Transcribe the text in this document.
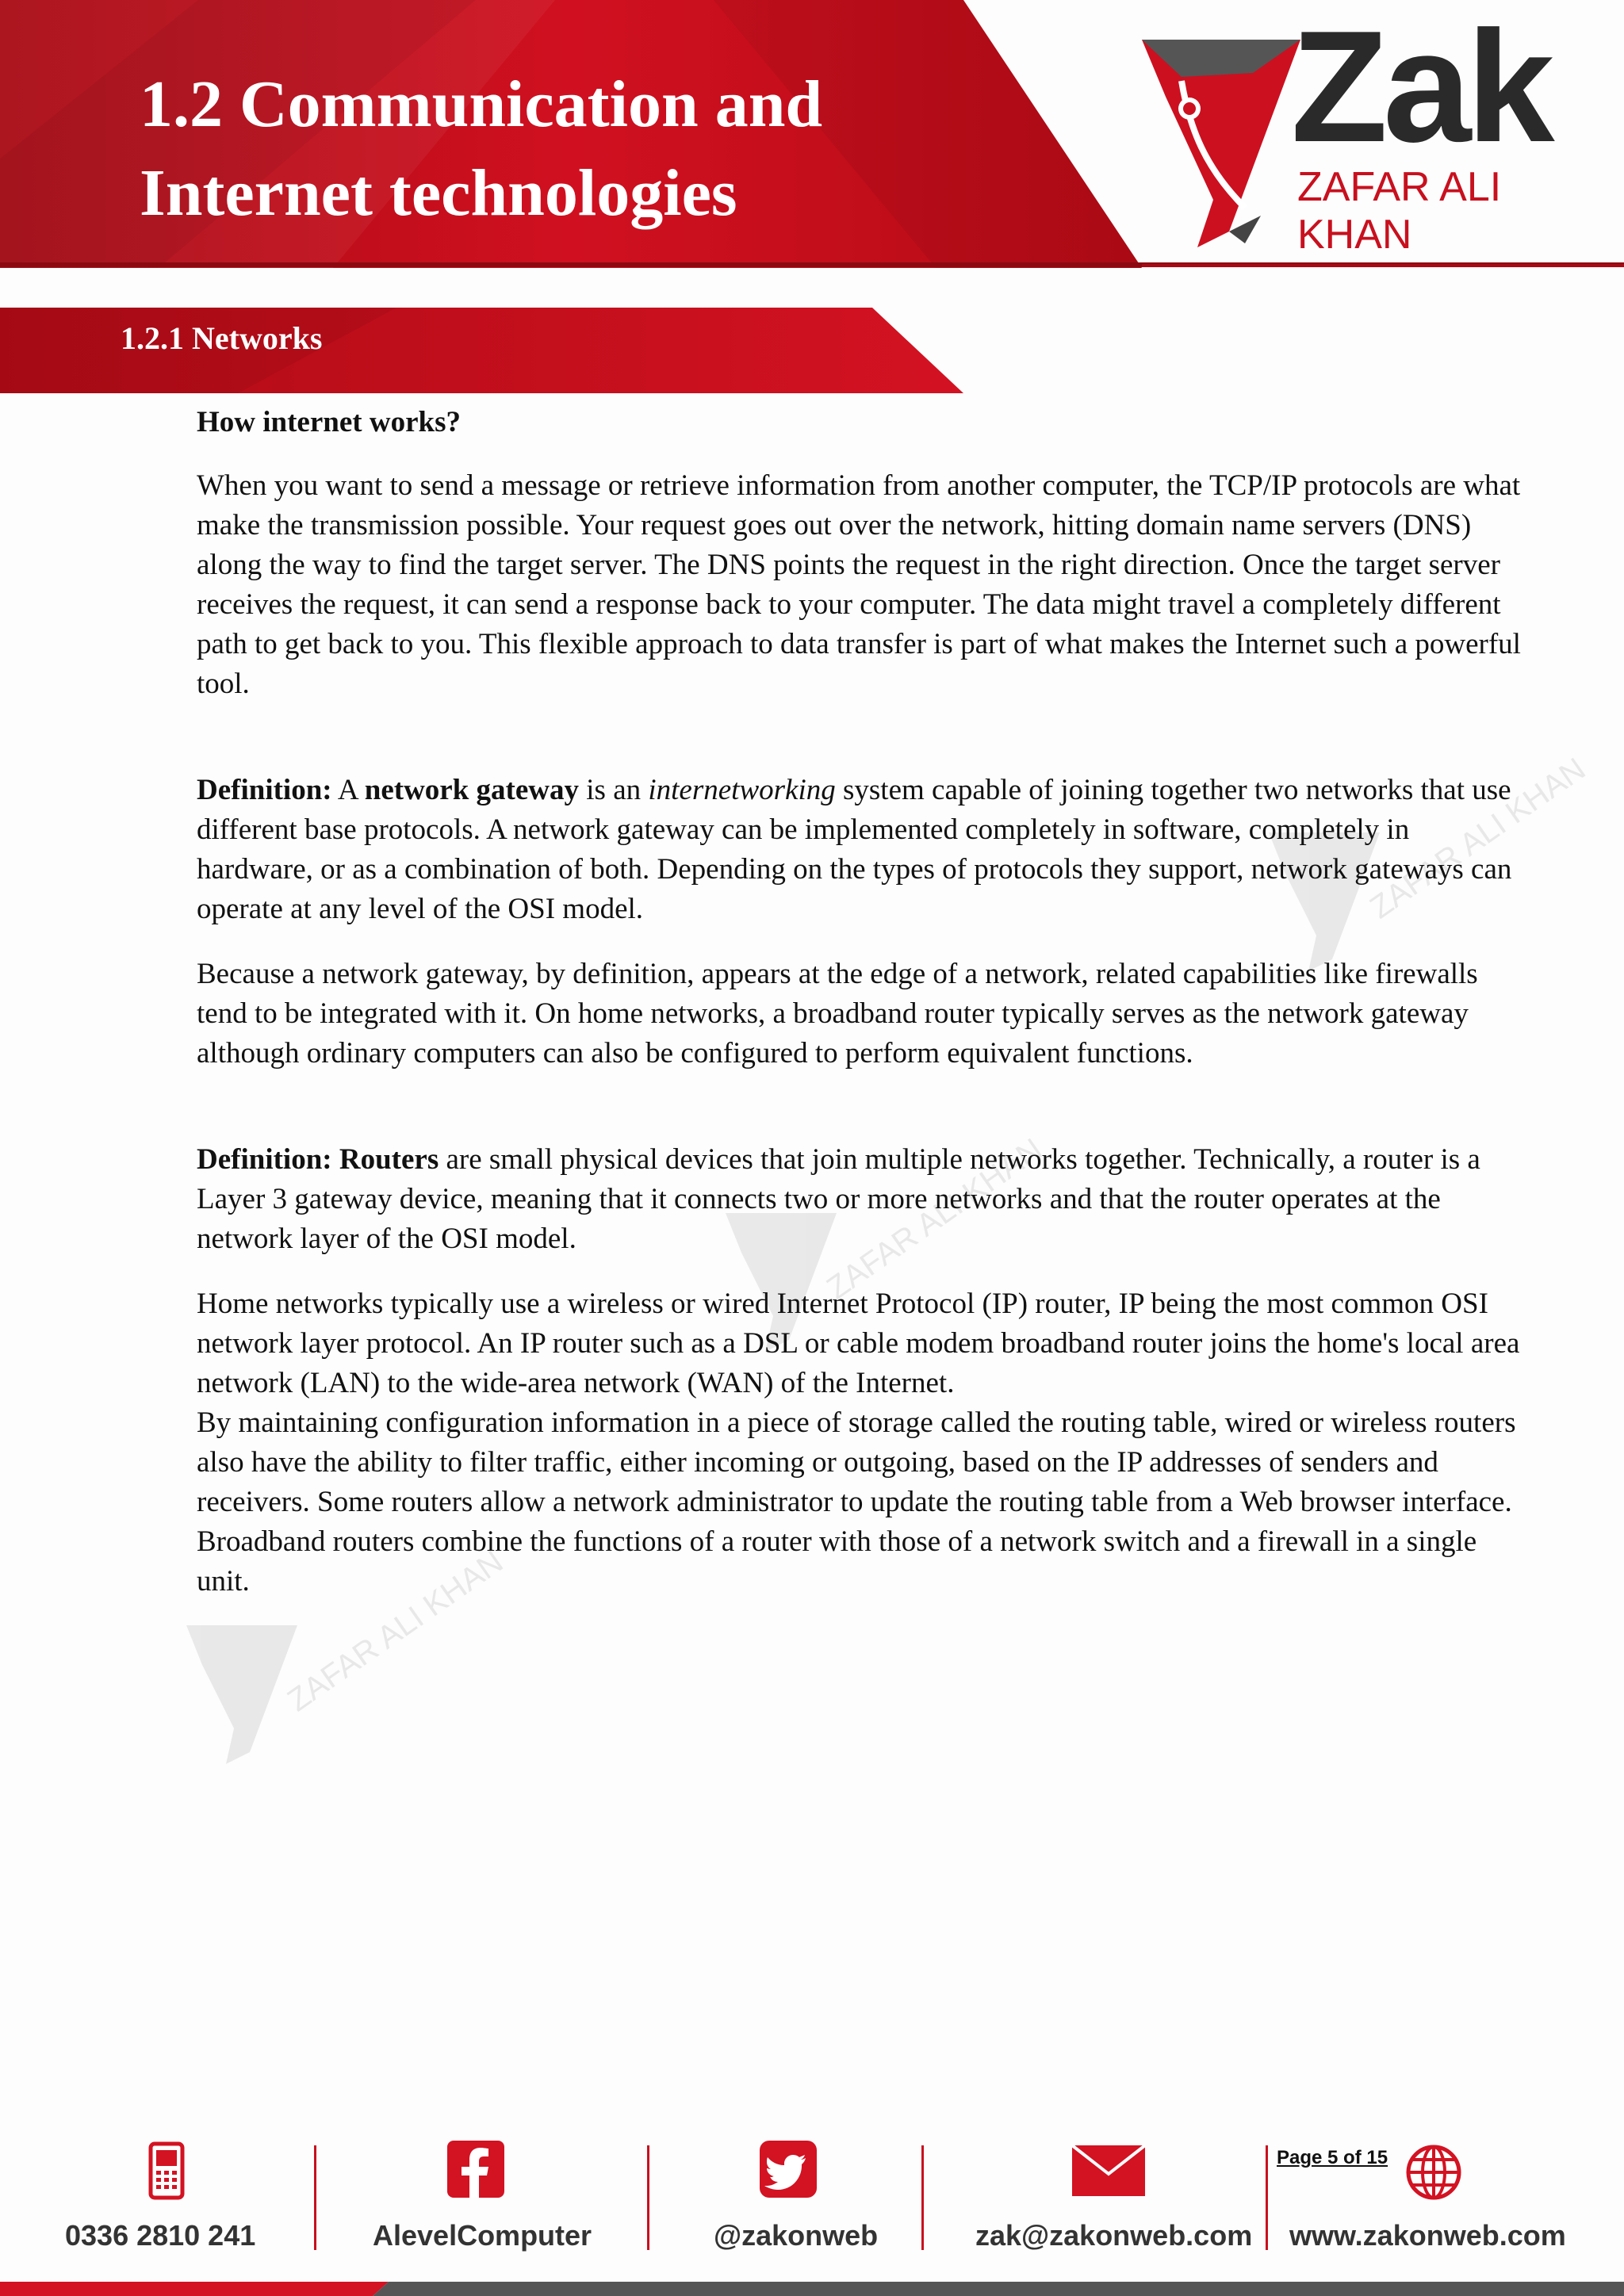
1.2 Communication and
Internet technologies

Zak

ZAFAR ALI KHAN

1.2.1 Networks
ZAFAR ALI KHAN
ZAFAR ALI KHAN
ZAFAR ALI KHAN

How internet works?

When you want to send a message or retrieve information from another computer, the TCP/IP protocols are what make the transmission possible. Your request goes out over the network, hitting domain name servers (DNS) along the way to find the target server. The DNS points the request in the right direction. Once the target server receives the request, it can send a response back to your computer. The data might travel a completely different path to get back to you. This flexible approach to data transfer is part of what makes the Internet such a powerful tool.

Definition: A network gateway is an internetworking system capable of joining together two networks that use different base protocols. A network gateway can be implemented completely in software, completely in hardware, or as a combination of both. Depending on the types of protocols they support, network gateways can operate at any level of the OSI model.

Because a network gateway, by definition, appears at the edge of a network, related capabilities like firewalls tend to be integrated with it. On home networks, a broadband router typically serves as the network gateway although ordinary computers can also be configured to perform equivalent functions.

Definition: Routers are small physical devices that join multiple networks together. Technically, a router is a Layer 3 gateway device, meaning that it connects two or more networks and that the router operates at the network layer of the OSI model.

Home networks typically use a wireless or wired Internet Protocol (IP) router, IP being the most common OSI network layer protocol. An IP router such as a DSL or cable modem broadband router joins the home's local area network (LAN) to the wide-area network (WAN) of the Internet.

By maintaining configuration information in a piece of storage called the routing table, wired or wireless routers also have the ability to filter traffic, either incoming or outgoing, based on the IP addresses of senders and receivers. Some routers allow a network administrator to update the routing table from a Web browser interface. Broadband routers combine the functions of a router with those of a network switch and a firewall in a single unit.

0336 2810 241	AlevelComputer	@zakonweb	zak@zakonweb.com

Page 5 of 15

www.zakonweb.com
